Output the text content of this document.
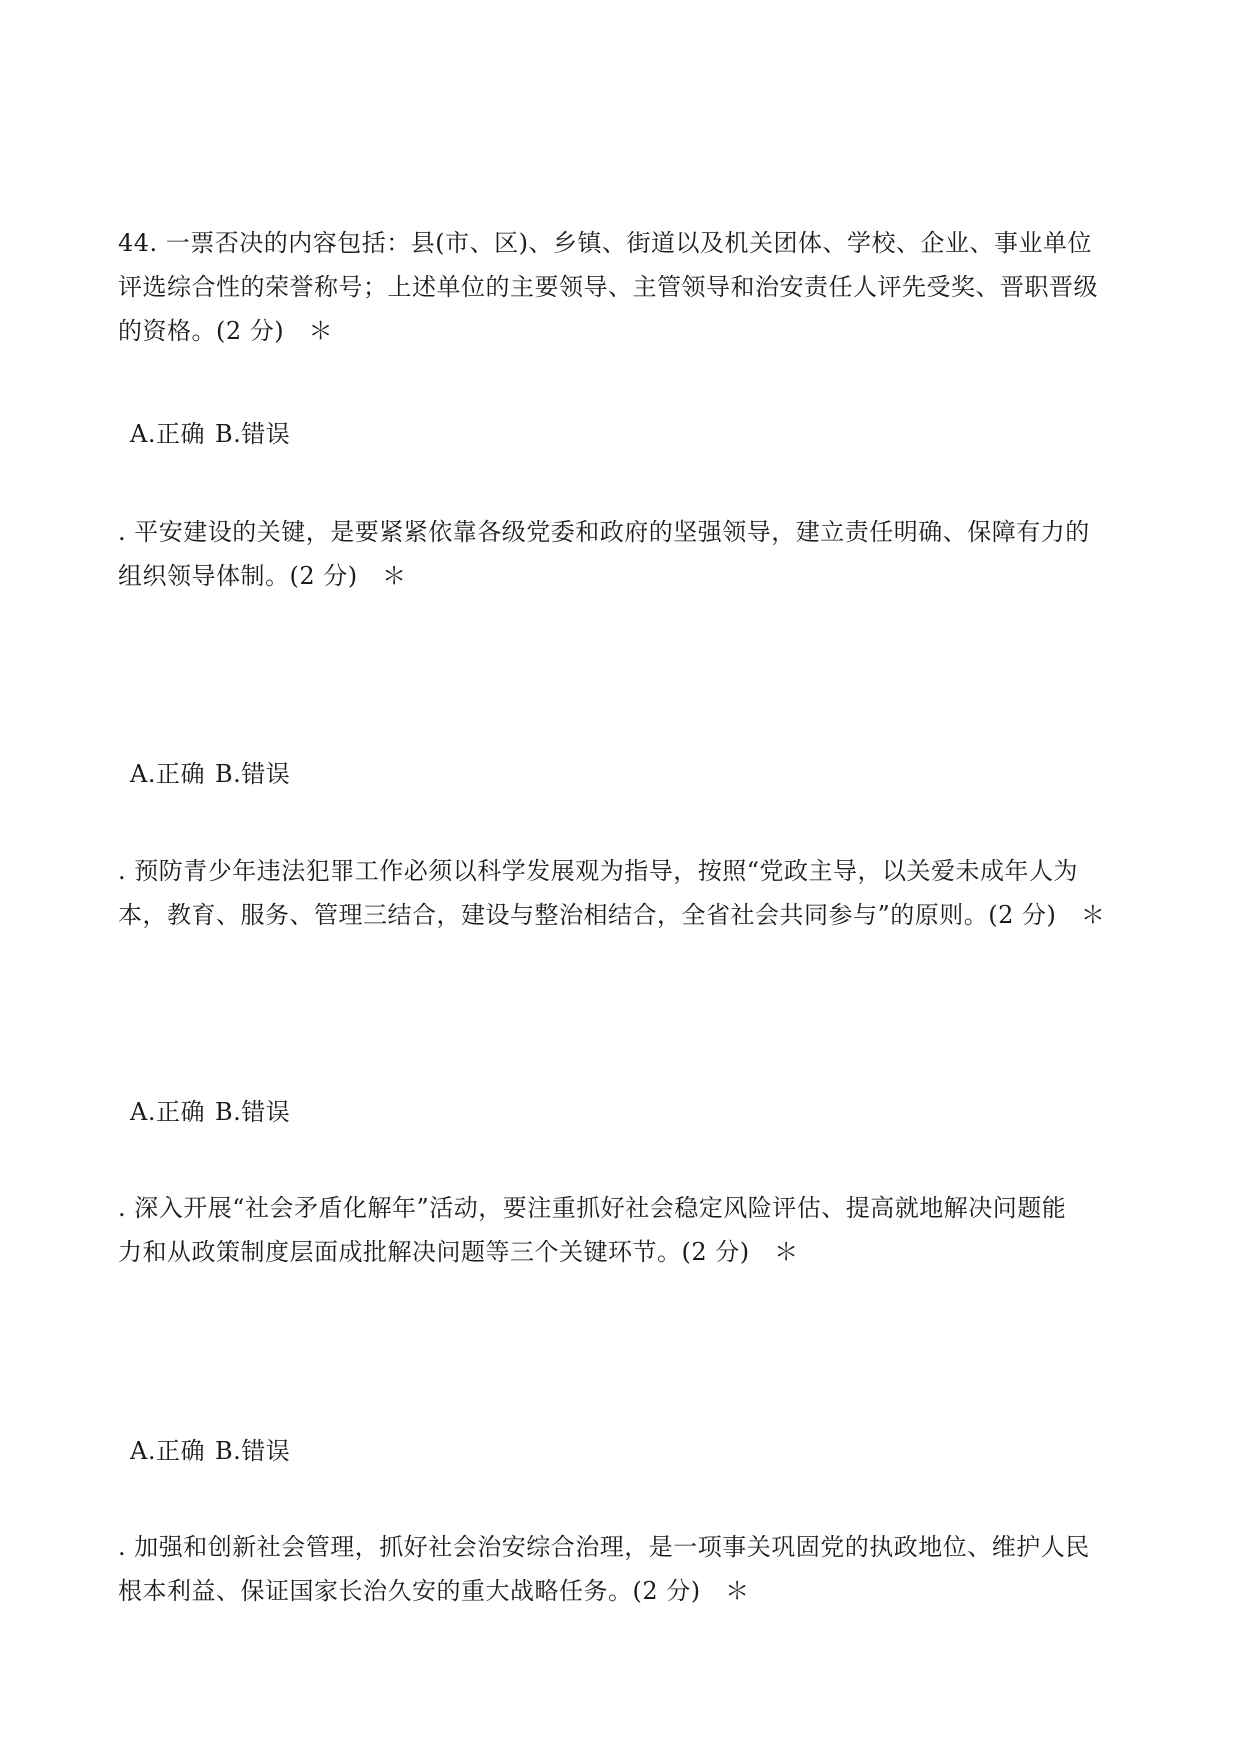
44. 一票否决的内容包括：县(市、区)、乡镇、街道以及机关团体、学校、企业、事业单位
评选综合性的荣誉称号；上述单位的主要领导、主管领导和治安责任人评先受奖、晋职晋级
的资格。(2 分)　＊
A.正确 B.错误
. 平安建设的关键，是要紧紧依靠各级党委和政府的坚强领导，建立责任明确、保障有力的
组织领导体制。(2 分)　＊
A.正确 B.错误
. 预防青少年违法犯罪工作必须以科学发展观为指导，按照“党政主导，以关爱未成年人为
本，教育、服务、管理三结合，建设与整治相结合，全省社会共同参与”的原则。(2 分)　＊
A.正确 B.错误
. 深入开展“社会矛盾化解年”活动，要注重抓好社会稳定风险评估、提高就地解决问题能
力和从政策制度层面成批解决问题等三个关键环节。(2 分)　＊
A.正确 B.错误
. 加强和创新社会管理，抓好社会治安综合治理，是一项事关巩固党的执政地位、维护人民
根本利益、保证国家长治久安的重大战略任务。(2 分)　＊
